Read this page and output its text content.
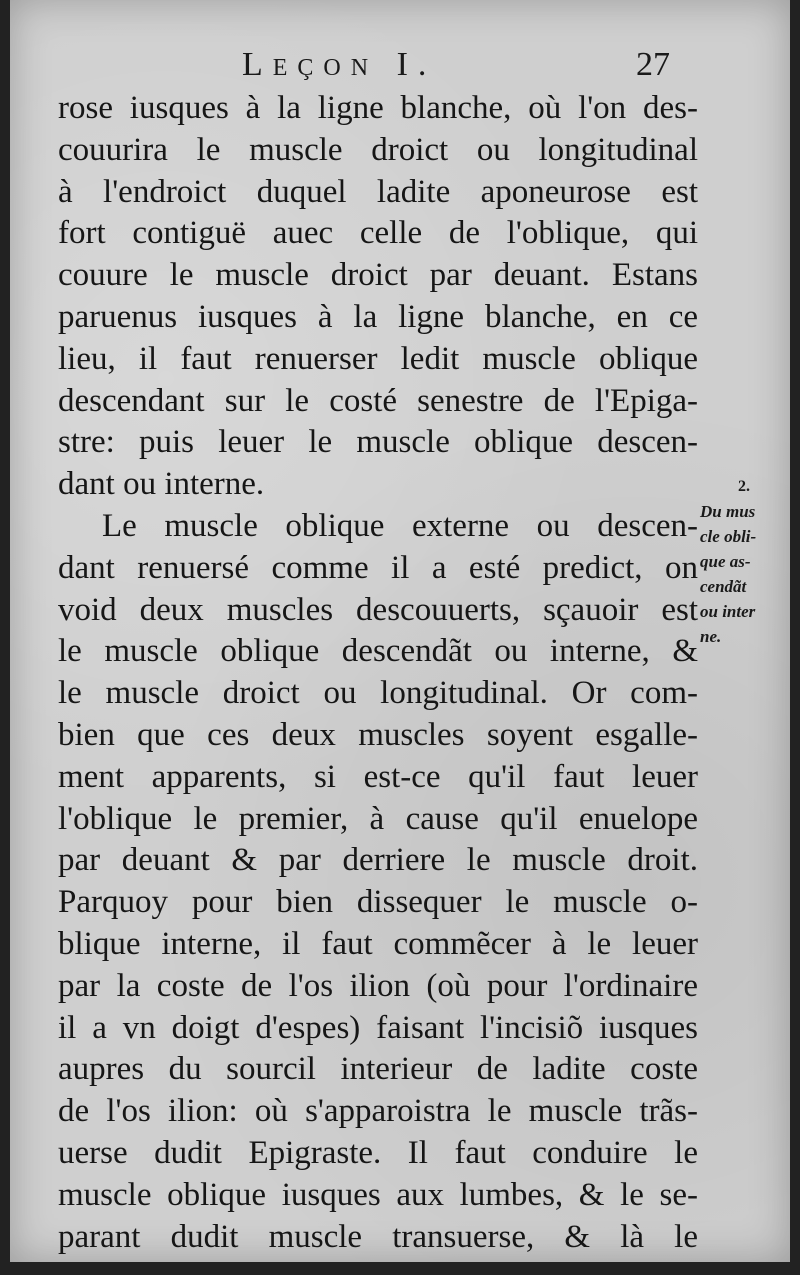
Leçon I.	27
rose iusques à la ligne blanche, où l'on des-
couurira le muscle droict ou longitudinal
à l'endroict duquel ladite aponeurose est
fort contiguë auec celle de l'oblique, qui
couure le muscle droict par deuant. Estans
paruenus iusques à la ligne blanche, en ce
lieu, il faut renuerser ledit muscle oblique
descendant sur le costé senestre de l'Epiga-
stre: puis leuer le muscle oblique descen-
dant ou interne.
Le muscle oblique externe ou descen-
dant renuersé comme il a esté predict, on
void deux muscles descouuerts, sçauoir est
le muscle oblique descendãt ou interne, &
le muscle droict ou longitudinal. Or com-
bien que ces deux muscles soyent esgalle-
ment apparents, si est-ce qu'il faut leuer
l'oblique le premier, à cause qu'il enuelope
par deuant & par derriere le muscle droit.
Parquoy pour bien dissequer le muscle o-
blique interne, il faut commẽcer à le leuer
par la coste de l'os ilion (où pour l'ordinaire
il a vn doigt d'espes) faisant l'incisiõ iusques
aupres du sourcil interieur de ladite coste
de l'os ilion: où s'apparoistra le muscle trãs-
uerse dudit Epigraste. Il faut conduire le
muscle oblique iusques aux lumbes, & le se-
parant dudit muscle transuerse, & là le
2.
Du mus
cle obli-
que as-
cendãt
ou inter
ne.
